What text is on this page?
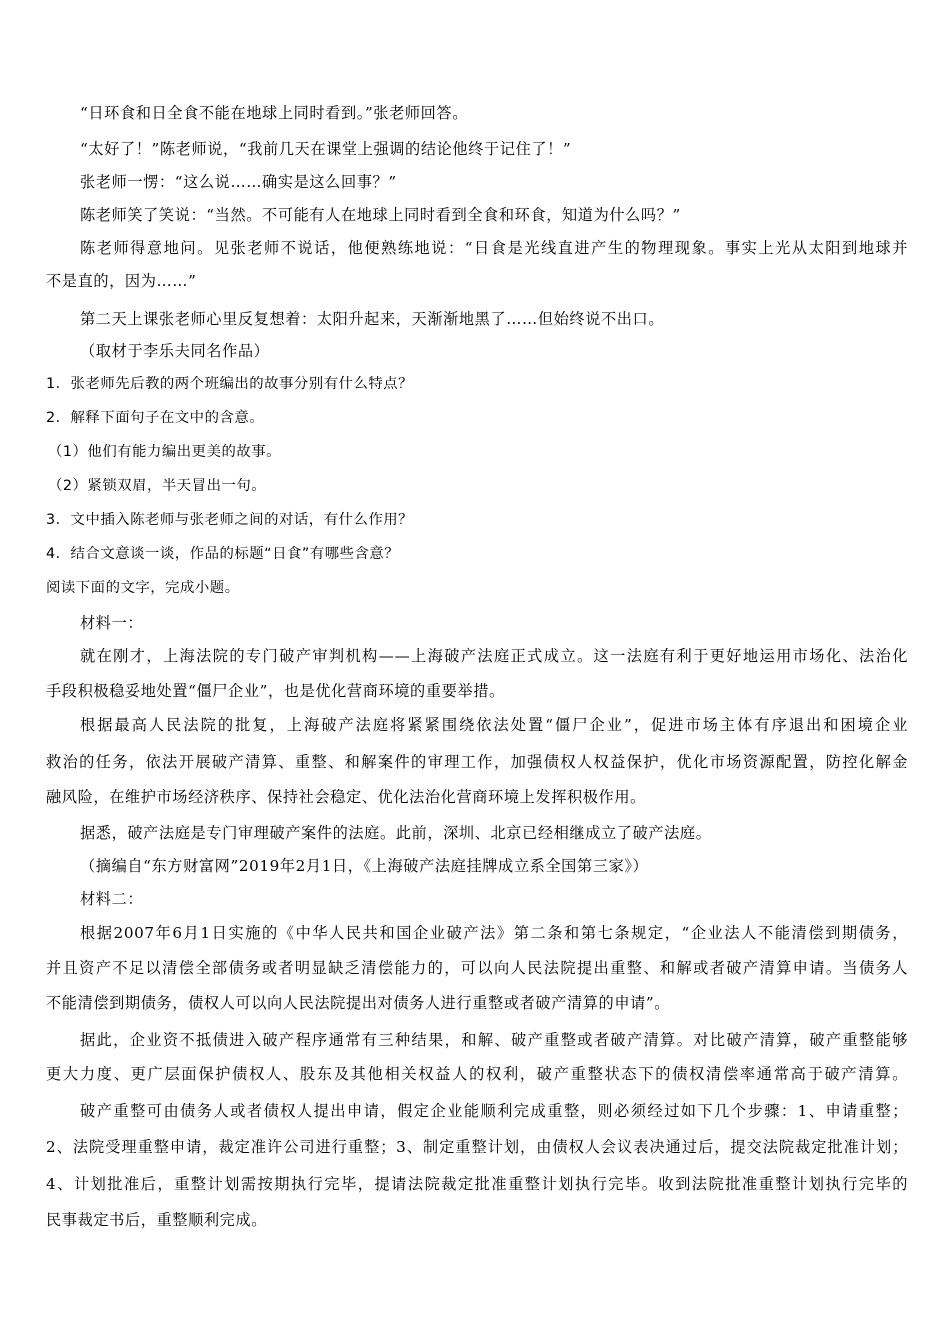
“日环食和日全食不能在地球上同时看到。”张老师回答。
“太好了！”陈老师说，“我前几天在课堂上强调的结论他终于记住了！”
张老师一愣：“这么说……确实是这么回事？”
陈老师笑了笑说：“当然。不可能有人在地球上同时看到全食和环食，知道为什么吗？”
陈老师得意地问。见张老师不说话，他便熟练地说：“日食是光线直进产生的物理现象。事实上光从太阳到地球并
不是直的，因为……”
第二天上课张老师心里反复想着：太阳升起来，天渐渐地黑了……但始终说不出口。
（取材于李乐夫同名作品）
1．张老师先后教的两个班编出的故事分别有什么特点？
2．解释下面句子在文中的含意。
（1）他们有能力编出更美的故事。
（2）紧锁双眉，半天冒出一句。
3．文中插入陈老师与张老师之间的对话，有什么作用？
4．结合文意谈一谈，作品的标题“日食”有哪些含意？
阅读下面的文字，完成小题。
材料一：
就在刚才，上海法院的专门破产审判机构——上海破产法庭正式成立。这一法庭有利于更好地运用市场化、法治化
手段积极稳妥地处置“僵尸企业”，也是优化营商环境的重要举措。
根据最高人民法院的批复，上海破产法庭将紧紧围绕依法处置“僵尸企业”，促进市场主体有序退出和困境企业
救治的任务，依法开展破产清算、重整、和解案件的审理工作，加强债权人权益保护，优化市场资源配置，防控化解金
融风险，在维护市场经济秩序、保持社会稳定、优化法治化营商环境上发挥积极作用。
据悉，破产法庭是专门审理破产案件的法庭。此前，深圳、北京已经相继成立了破产法庭。
（摘编自“东方财富网”2019年2月1日，《上海破产法庭挂牌成立系全国第三家》）
材料二：
根据2007年6月1日实施的《中华人民共和国企业破产法》第二条和第七条规定，“企业法人不能清偿到期债务，
并且资产不足以清偿全部债务或者明显缺乏清偿能力的，可以向人民法院提出重整、和解或者破产清算申请。当债务人
不能清偿到期债务，债权人可以向人民法院提出对债务人进行重整或者破产清算的申请”。
据此，企业资不抵债进入破产程序通常有三种结果，和解、破产重整或者破产清算。对比破产清算，破产重整能够
更大力度、更广层面保护债权人、股东及其他相关权益人的权利，破产重整状态下的债权清偿率通常高于破产清算。
破产重整可由债务人或者债权人提出申请，假定企业能顺利完成重整，则必须经过如下几个步骤：1、申请重整；
2、法院受理重整申请，裁定准许公司进行重整；3、制定重整计划，由债权人会议表决通过后，提交法院裁定批准计划；
4、计划批准后，重整计划需按期执行完毕，提请法院裁定批准重整计划执行完毕。收到法院批准重整计划执行完毕的
民事裁定书后，重整顺利完成。
